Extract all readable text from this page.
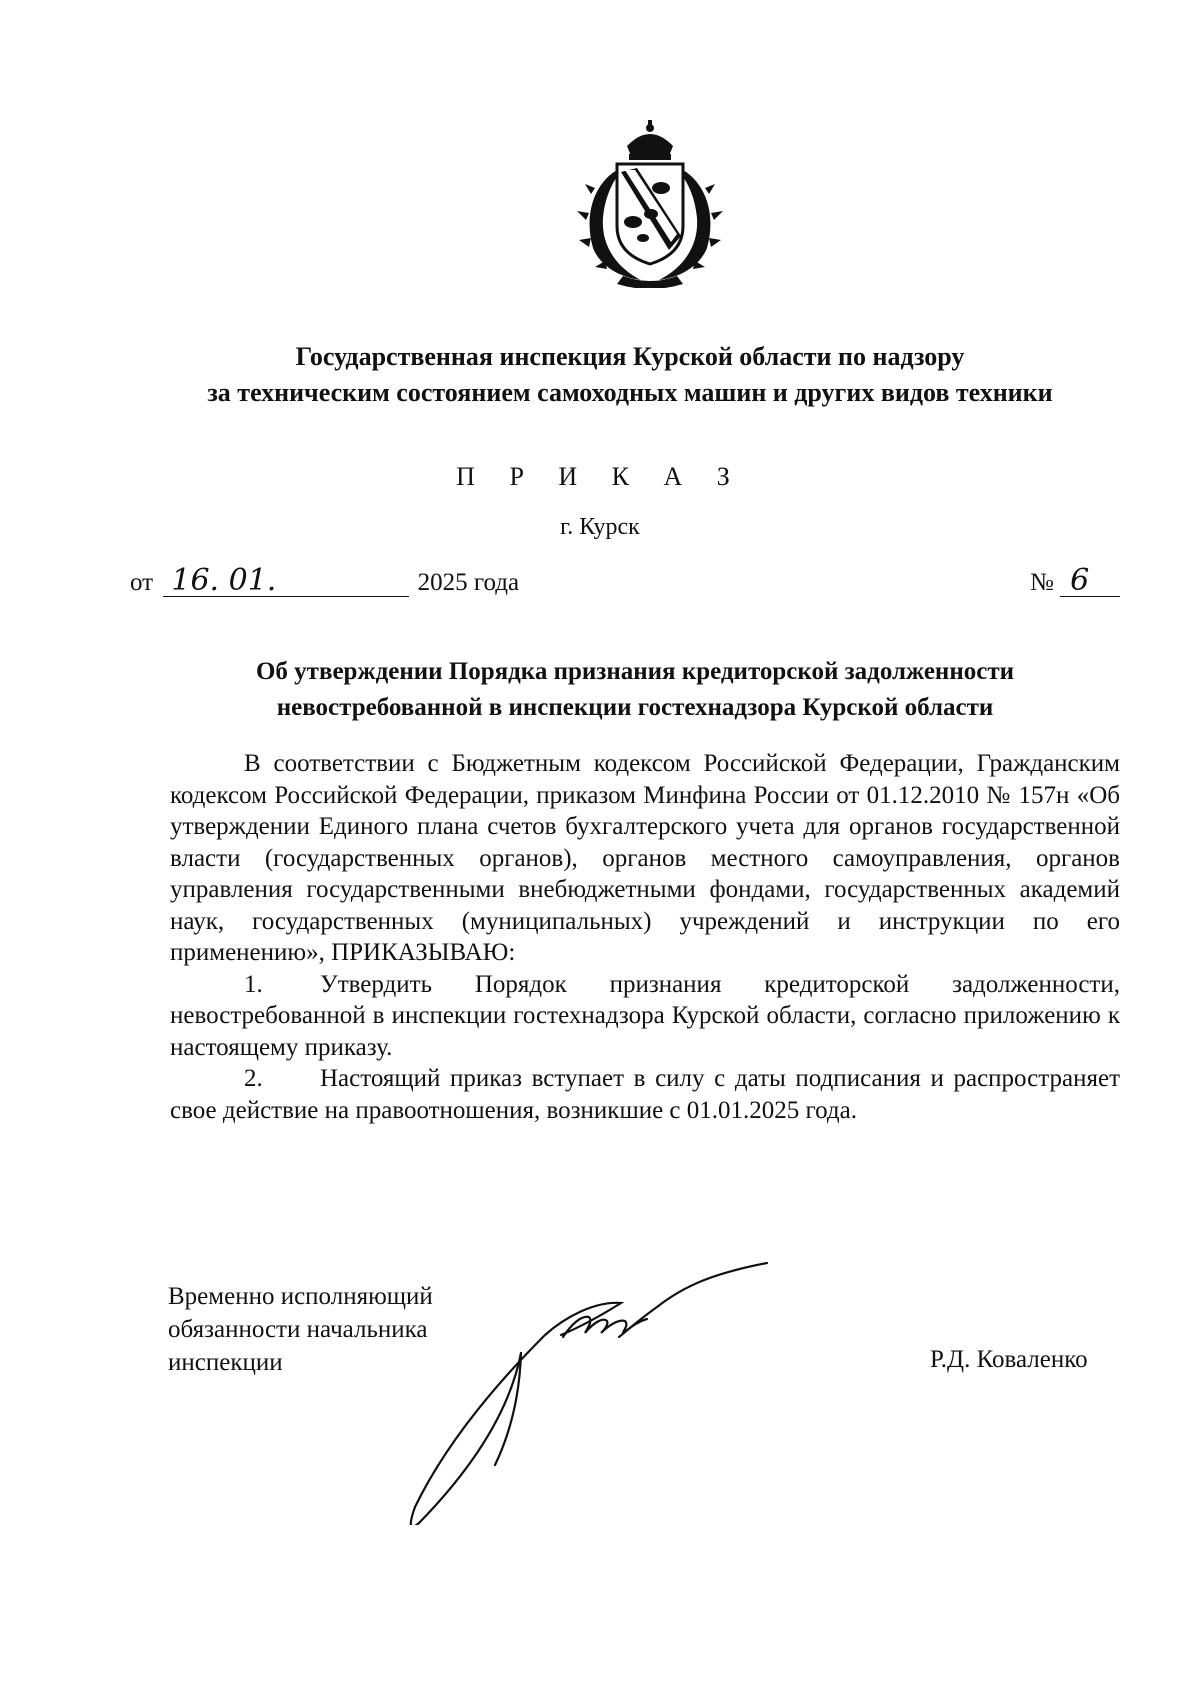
Государственная инспекция Курской области по надзору
за техническим состоянием самоходных машин и других видов техники
П Р И К А З
г. Курск
от 16. 01.	2025 года	№ 6
Об утверждении Порядка признания кредиторской задолженности
невостребованной в инспекции гостехнадзора Курской области

В соответствии с Бюджетным кодексом Российской Федерации, Гражданским кодексом Российской Федерации, приказом Минфина России от 01.12.2010 № 157н «Об утверждении Единого плана счетов бухгалтерского учета для органов государственной власти (государственных органов), органов местного самоуправления, органов управления государственными внебюджетными фондами, государственных академий наук, государственных (муниципальных) учреждений и инструкции по его применению», ПРИКАЗЫВАЮ:

1. Утвердить Порядок признания кредиторской задолженности, невостребованной в инспекции гостехнадзора Курской области, согласно приложению к настоящему приказу.

2. Настоящий приказ вступает в силу с даты подписания и распространяет свое действие на правоотношения, возникшие с 01.01.2025 года.

Временно исполняющий
обязанности начальника
инспекции	Р.Д. Коваленко
